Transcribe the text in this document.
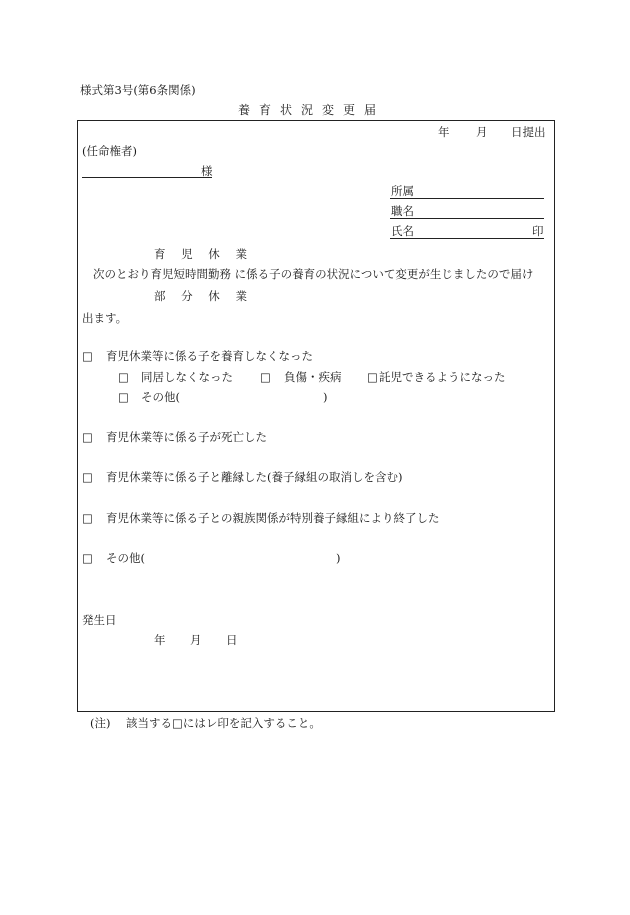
様式第3号(第6条関係)
養育状況変更届
年 月 日提出
(任命権者)
様
所属
職名
氏名	印
育 児 休 業
次のとおり育児短時間勤務 に係る子の養育の状況について変更が生じましたので届け
部 分 休 業
出ます。
□ 育児休業等に係る子を養育しなくなった
□ 同居しなくなった □ 負傷・疾病 □ 託児できるようになった
□ その他(	)
□ 育児休業等に係る子が死亡した
□ 育児休業等に係る子と離縁した(養子縁組の取消しを含む)
□ 育児休業等に係る子との親族関係が特別養子縁組により終了した
□ その他(	)
発生日
年 月 日
(注) 該当する□にはレ印を記入すること。
